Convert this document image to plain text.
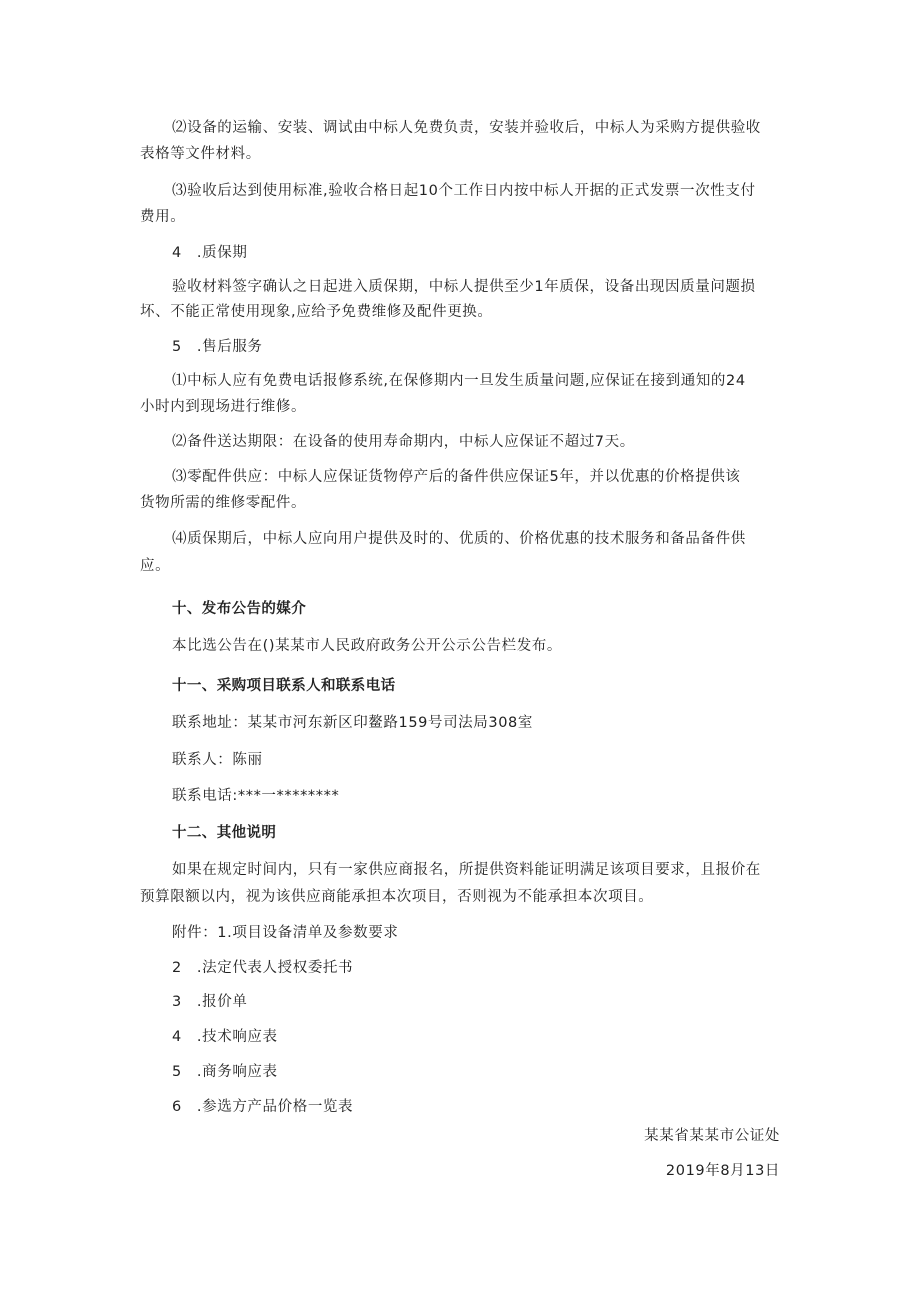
⑵设备的运输、安装、调试由中标人免费负责，安装并验收后，中标人为采购方提供验收
表格等文件材料。
⑶验收后达到使用标准,验收合格日起10个工作日内按中标人开据的正式发票一次性支付
费用。
4　.质保期
验收材料签字确认之日起进入质保期，中标人提供至少1年质保，设备出现因质量问题损
坏、不能正常使用现象,应给予免费维修及配件更换。
5　.售后服务
⑴中标人应有免费电话报修系统,在保修期内一旦发生质量问题,应保证在接到通知的24
小时内到现场进行维修。
⑵备件送达期限：在设备的使用寿命期内，中标人应保证不超过7天。
⑶零配件供应：中标人应保证货物停产后的备件供应保证5年，并以优惠的价格提供该
货物所需的维修零配件。
⑷质保期后，中标人应向用户提供及时的、优质的、价格优惠的技术服务和备品备件供
应。
十、发布公告的媒介
本比选公告在()某某市人民政府政务公开公示公告栏发布。
十一、采购项目联系人和联系电话
联系地址：某某市河东新区印鳌路159号司法局308室
联系人：陈丽
联系电话:***一********
十二、其他说明
如果在规定时间内，只有一家供应商报名，所提供资料能证明满足该项目要求，且报价在
预算限额以内，视为该供应商能承担本次项目，否则视为不能承担本次项目。
附件：1.项目设备清单及参数要求
2　.法定代表人授权委托书
3　.报价单
4　.技术响应表
5　.商务响应表
6　.参选方产品价格一览表
某某省某某市公证处
2019年8月13日
